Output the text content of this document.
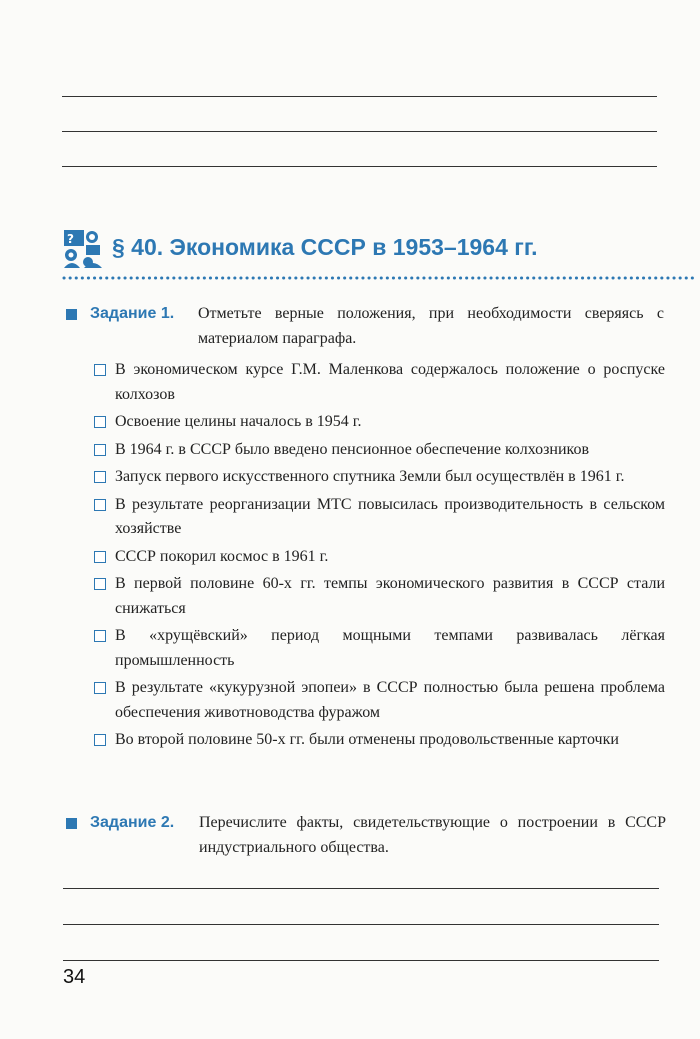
? § 40. Экономика СССР в 1953–1964 гг.
Задание 1. Отметьте верные положения, при необходимости сверяясь с материалом параграфа.
В экономическом курсе Г.М. Маленкова содержалось положение о роспуске колхозов
Освоение целины началось в 1954 г.
В 1964 г. в СССР было введено пенсионное обеспечение колхозников
Запуск первого искусственного спутника Земли был осуществлён в 1961 г.
В результате реорганизации МТС повысилась производительность в сельском хозяйстве
СССР покорил космос в 1961 г.
В первой половине 60-х гг. темпы экономического развития в СССР стали снижаться
В «хрущёвский» период мощными темпами развивалась лёгкая промышленность
В результате «кукурузной эпопеи» в СССР полностью была решена проблема обеспечения животноводства фуражом
Во второй половине 50-х гг. были отменены продовольственные карточки
Задание 2. Перечислите факты, свидетельствующие о построении в СССР индустриального общества.
34
